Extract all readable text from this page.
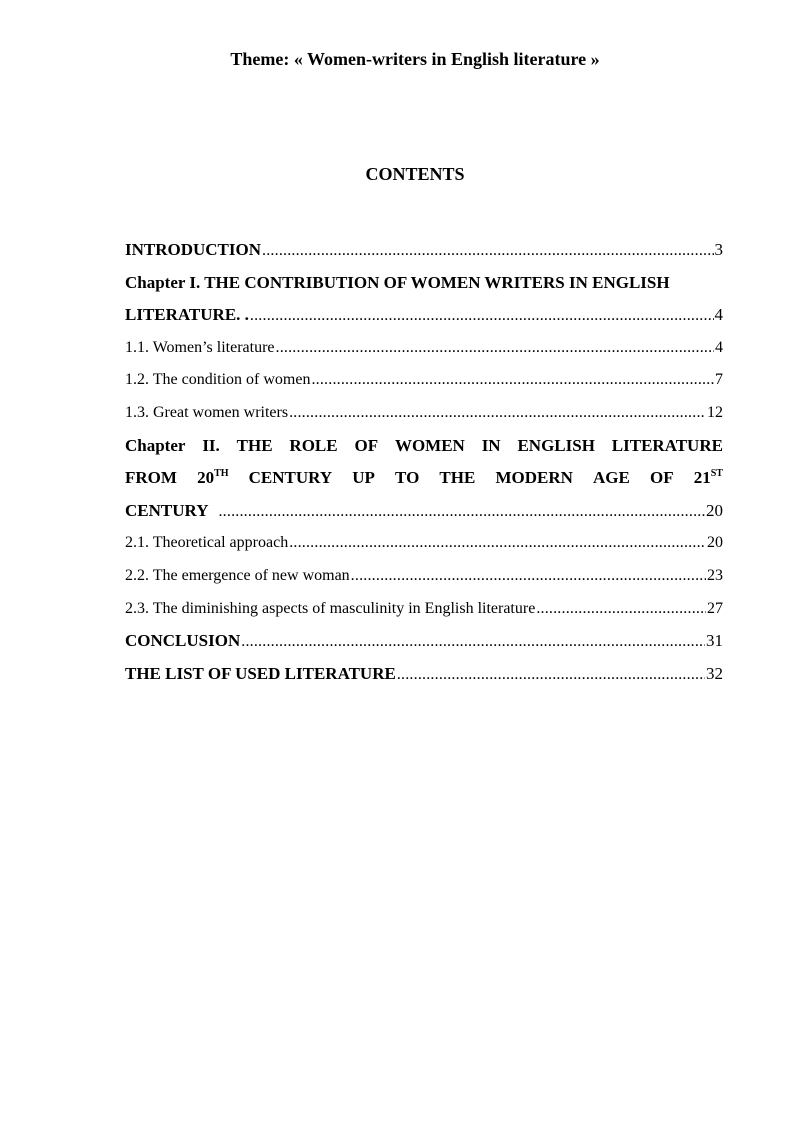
Theme: « Women-writers in English literature »
CONTENTS
INTRODUCTION .....	3
Chapter I. THE CONTRIBUTION OF WOMEN WRITERS IN ENGLISH
LITERATURE. . .....	4
1.1. Women’s literature .....	4
1.2. The condition of women .....	7
1.3. Great women writers .....	12
Chapter II. THE ROLE OF WOMEN IN ENGLISH LITERATURE
FROM 20TH CENTURY UP TO THE MODERN AGE OF 21ST
CENTURY .....	20
2.1. Theoretical approach .....	20
2.2. The emergence of new woman .....	23
2.3. The diminishing aspects of masculinity in English literature .....	27
CONCLUSION .....	31
THE LIST OF USED LITERATURE .....	32
